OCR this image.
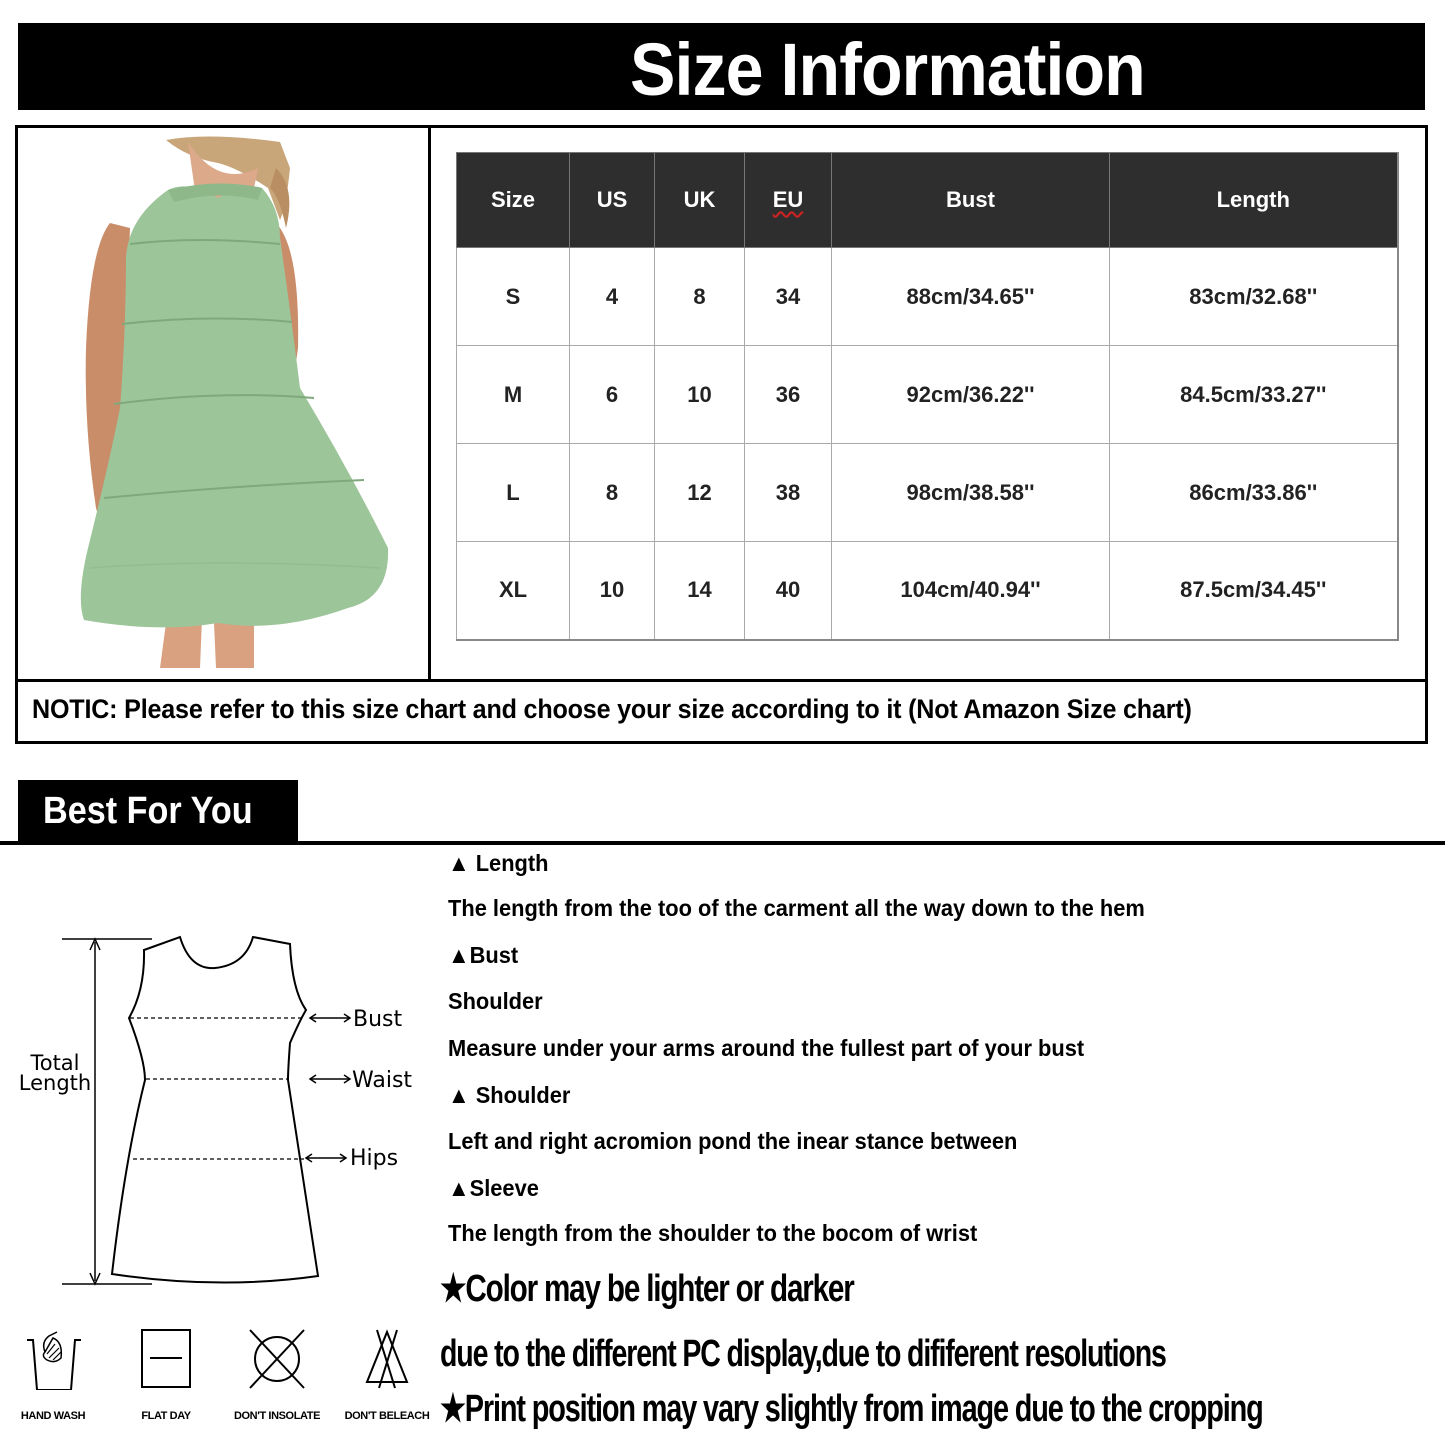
Size Information
Size	US	UK	EU	Bust	Length
S	4	8	34	88cm/34.65''	83cm/32.68''
M	6	10	36	92cm/36.22''	84.5cm/33.27''
L	8	12	38	98cm/38.58''	86cm/33.86''
XL	10	14	40	104cm/40.94''	87.5cm/34.45''
NOTIC: Please refer to this size chart and choose your size according to it (Not Amazon Size chart)
Best For You
Total
Length
Bust
Waist
Hips
▲ Length
The length from the too of the carment all the way down to the hem
▲Bust
Shoulder
Measure under your arms around the fullest part of your bust
▲ Shoulder
Left and right acromion pond the inear stance between
▲Sleeve
The length from the shoulder to the bocom of wrist
★Color may be lighter or darker
due to the different PC display,due to dififerent resolutions
★Print position may vary slightly from image due to the cropping
HAND WASH	FLAT DAY	DON'T INSOLATE DON'T BELEACH
